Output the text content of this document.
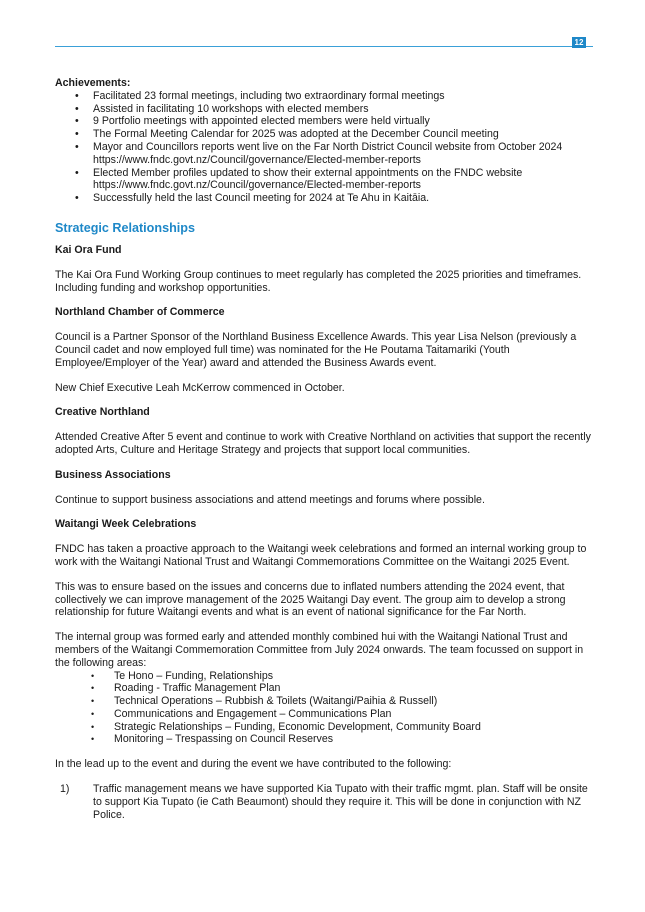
12

Achievements:

• Facilitated 23 formal meetings, including two extraordinary formal meetings
• Assisted in facilitating 10 workshops with elected members
• 9 Portfolio meetings with appointed elected members were held virtually
• The Formal Meeting Calendar for 2025 was adopted at the December Council meeting
• Mayor and Councillors reports went live on the Far North District Council website from October 2024 https://www.fndc.govt.nz/Council/governance/Elected-member-reports
• Elected Member profiles updated to show their external appointments on the FNDC website https://www.fndc.govt.nz/Council/governance/Elected-member-reports
• Successfully held the last Council meeting for 2024 at Te Ahu in Kaitāia.

Strategic Relationships

Kai Ora Fund

The Kai Ora Fund Working Group continues to meet regularly has completed the 2025 priorities and timeframes. Including funding and workshop opportunities.

Northland Chamber of Commerce

Council is a Partner Sponsor of the Northland Business Excellence Awards. This year Lisa Nelson (previously a Council cadet and now employed full time) was nominated for the He Poutama Taitamariki (Youth Employee/Employer of the Year) award and attended the Business Awards event.

New Chief Executive Leah McKerrow commenced in October.

Creative Northland

Attended Creative After 5 event and continue to work with Creative Northland on activities that support the recently adopted Arts, Culture and Heritage Strategy and projects that support local communities.

Business Associations

Continue to support business associations and attend meetings and forums where possible.

Waitangi Week Celebrations

FNDC has taken a proactive approach to the Waitangi week celebrations and formed an internal working group to work with the Waitangi National Trust and Waitangi Commemorations Committee on the Waitangi 2025 Event.

This was to ensure based on the issues and concerns due to inflated numbers attending the 2024 event, that collectively we can improve management of the 2025 Waitangi Day event. The group aim to develop a strong relationship for future Waitangi events and what is an event of national significance for the Far North.

The internal group was formed early and attended monthly combined hui with the Waitangi National Trust and members of the Waitangi Commemoration Committee from July 2024 onwards. The team focussed on support in the following areas:

• Te Hono – Funding, Relationships
• Roading - Traffic Management Plan
• Technical Operations – Rubbish & Toilets (Waitangi/Paihia & Russell)
• Communications and Engagement – Communications Plan
• Strategic Relationships – Funding, Economic Development, Community Board
• Monitoring – Trespassing on Council Reserves

In the lead up to the event and during the event we have contributed to the following:

1) Traffic management means we have supported Kia Tupato with their traffic mgmt. plan. Staff will be onsite to support Kia Tupato (ie Cath Beaumont) should they require it. This will be done in conjunction with NZ Police.
